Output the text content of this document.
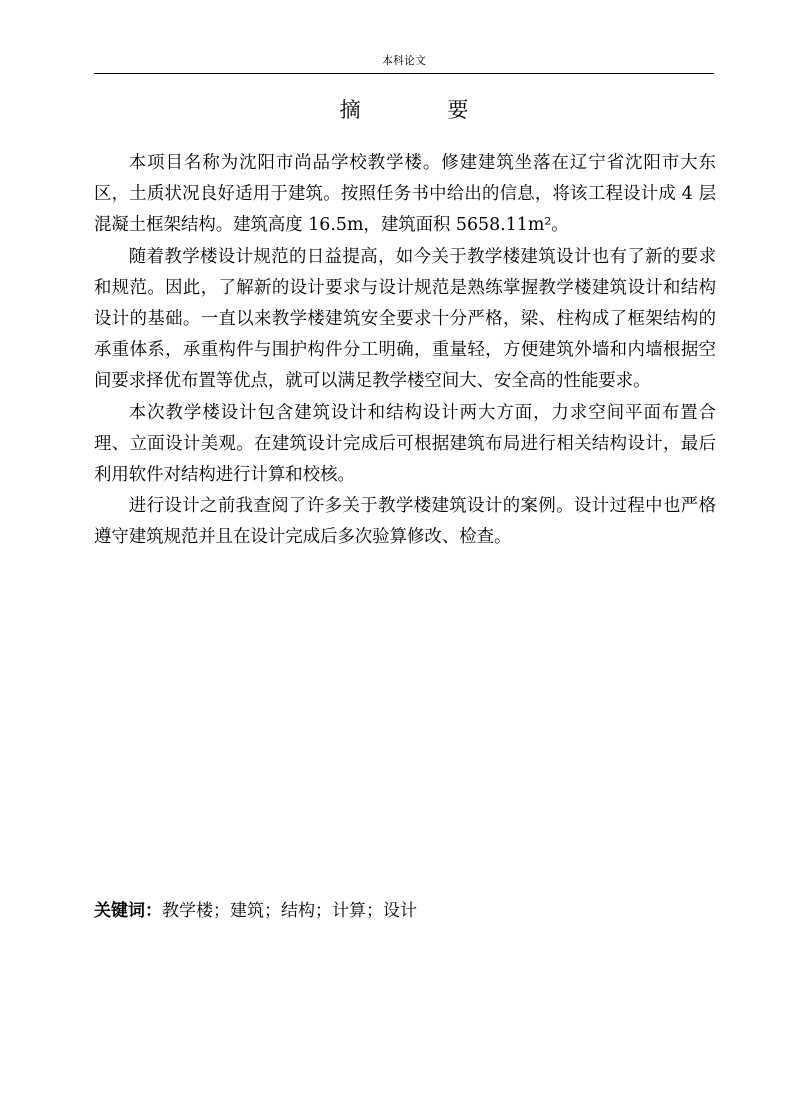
本科论文
摘 要

本项目名称为沈阳市尚品学校教学楼。修建建筑坐落在辽宁省沈阳市大东区，土质状况良好适用于建筑。按照任务书中给出的信息，将该工程设计成 4 层混凝土框架结构。建筑高度 16.5m，建筑面积 5658.11m²。

随着教学楼设计规范的日益提高，如今关于教学楼建筑设计也有了新的要求和规范。因此，了解新的设计要求与设计规范是熟练掌握教学楼建筑设计和结构设计的基础。一直以来教学楼建筑安全要求十分严格，梁、柱构成了框架结构的承重体系，承重构件与围护构件分工明确，重量轻，方便建筑外墙和内墙根据空间要求择优布置等优点，就可以满足教学楼空间大、安全高的性能要求。

本次教学楼设计包含建筑设计和结构设计两大方面，力求空间平面布置合理、立面设计美观。在建筑设计完成后可根据建筑布局进行相关结构设计，最后利用软件对结构进行计算和校核。

进行设计之前我查阅了许多关于教学楼建筑设计的案例。设计过程中也严格遵守建筑规范并且在设计完成后多次验算修改、检查。

关键词：教学楼；建筑；结构；计算；设计
